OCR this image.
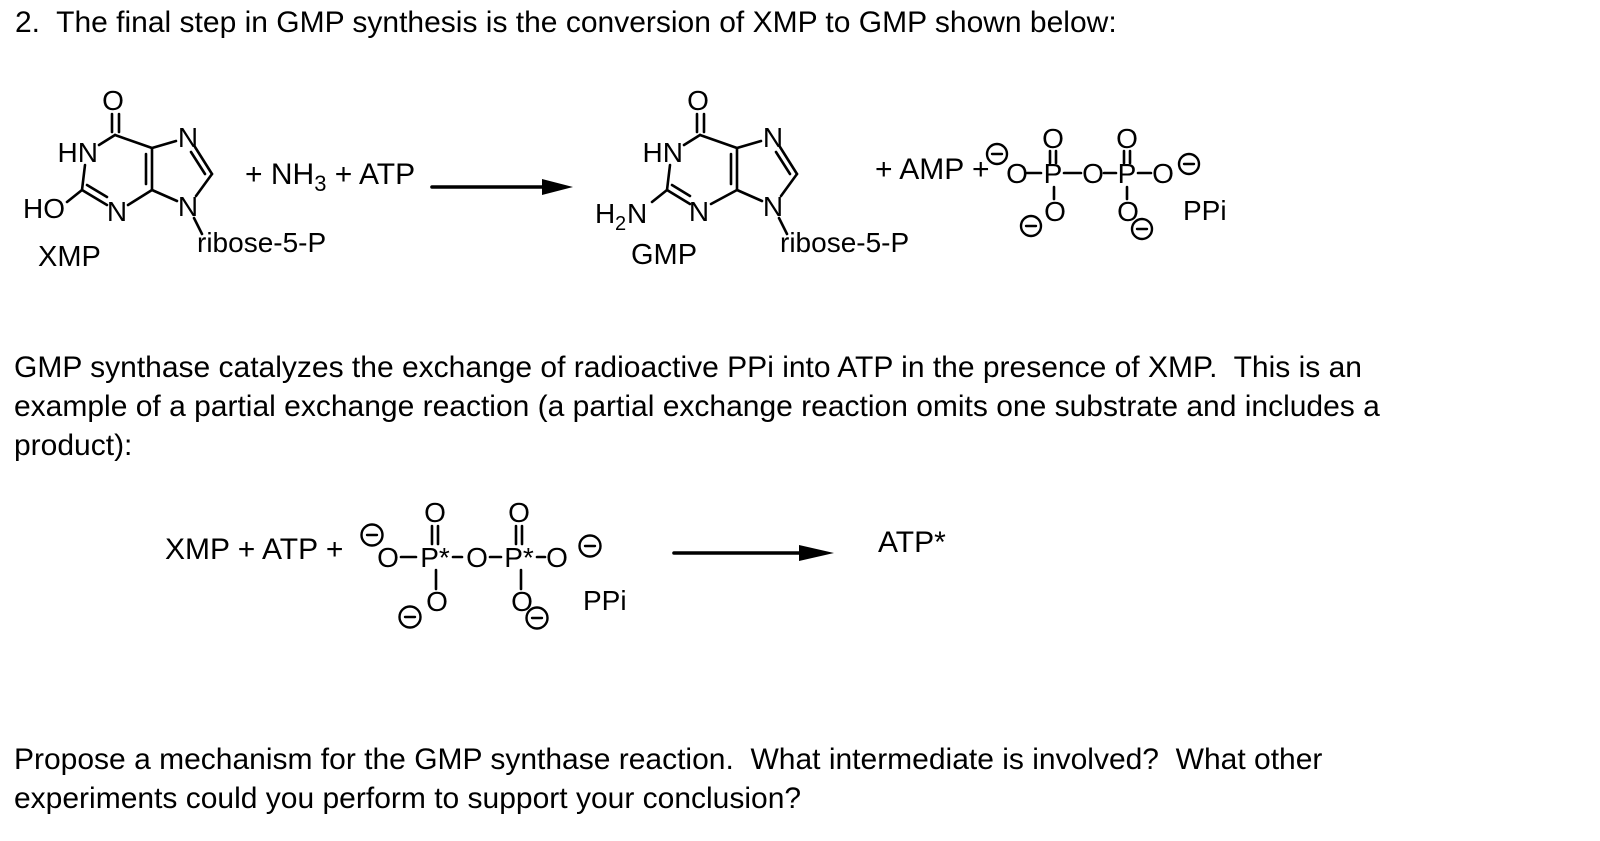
2.  The final step in GMP synthesis is the conversion of XMP to GMP shown below:
O
HN
HO N
N
N
ribose-5-P
XMP
+ $NH_3$ + ATP
O
HN
H 2 N N
N
N
ribose-5-P
GMP
+ AMP + O P O P O
O O
O O PPi
GMP synthase catalyzes the exchange of radioactive PPi into ATP in the presence of XMP.  This is an
example of a partial exchange reaction (a partial exchange reaction omits one substrate and includes a
product):
XMP + ATP + O P* O P* O
O O
O O PPi
ATP*
Propose a mechanism for the GMP synthase reaction.  What intermediate is involved?  What other
experiments could you perform to support your conclusion?
